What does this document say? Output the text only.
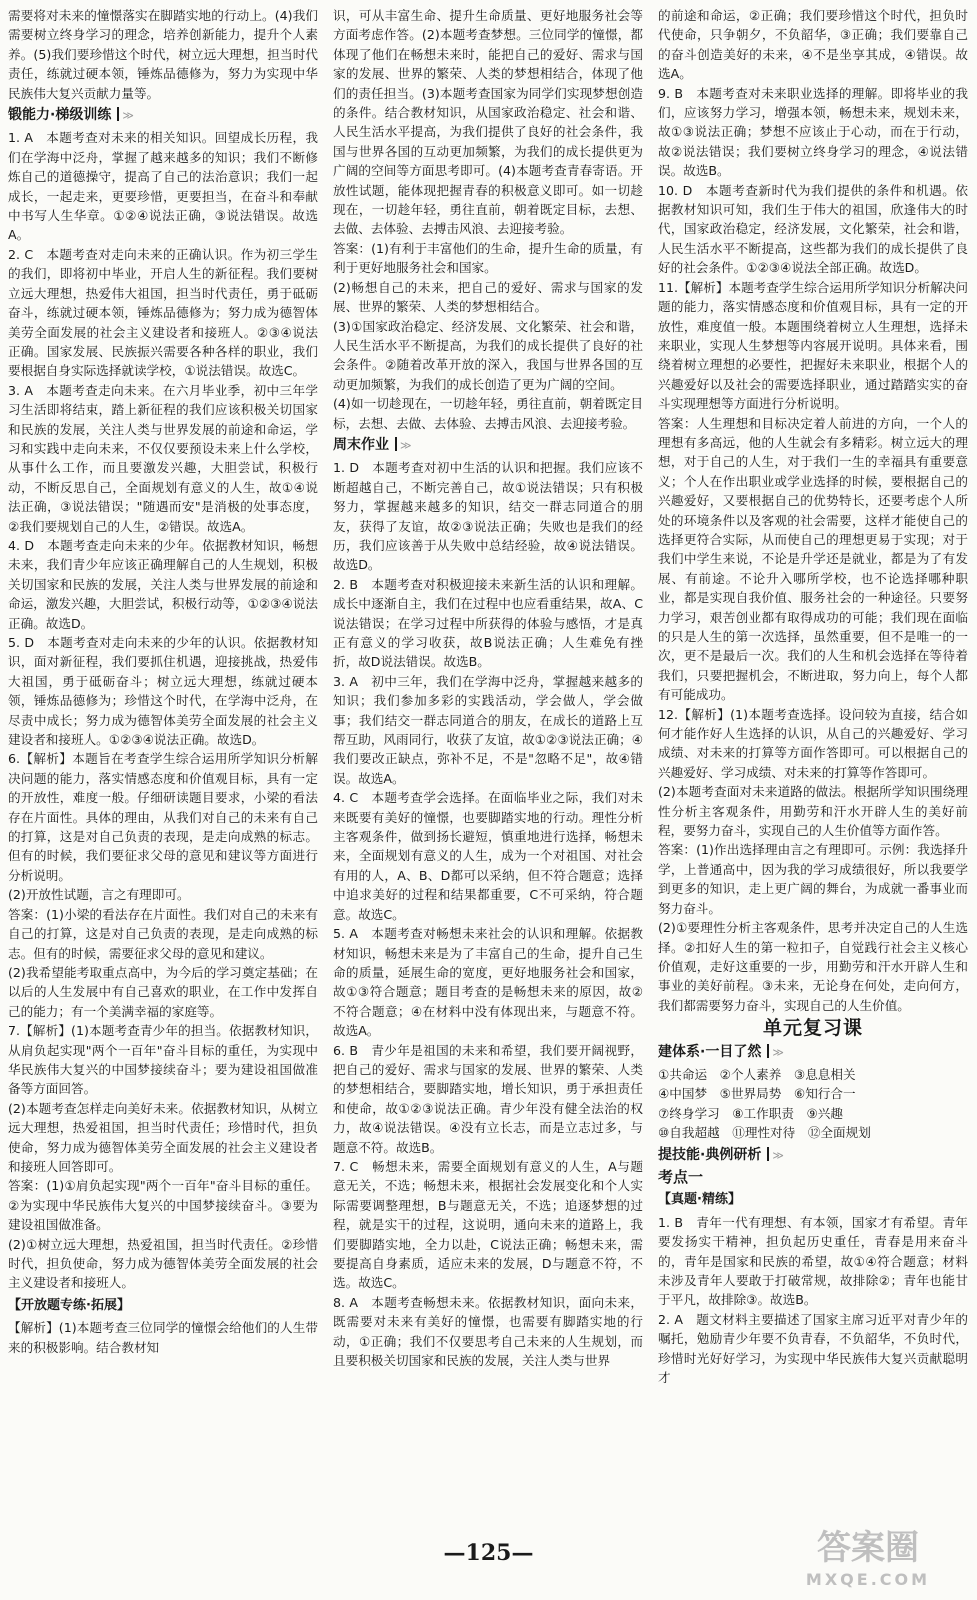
需要将对未来的憧憬落实在脚踏实地的行动上。(4)我们需要树立终身学习的理念，培养创新能力，提升个人素养。(5)我们要珍惜这个时代，树立远大理想，担当时代责任，练就过硬本领，锤炼品德修为，努力为实现中华民族伟大复兴贡献力量等。

锻能力·梯级训练 ≫

1. A　本题考查对未来的相关知识。回望成长历程，我们在学海中泛舟，掌握了越来越多的知识；我们不断修炼自己的道德操守，提高了自己的法治意识；我们一起成长，一起走来，更要珍惜，更要担当，在奋斗和奉献中书写人生华章。①②④说法正确，③说法错误。故选A。

2. C　本题考查对走向未来的正确认识。作为初三学生的我们，即将初中毕业，开启人生的新征程。我们要树立远大理想，热爱伟大祖国，担当时代责任，勇于砥砺奋斗，练就过硬本领，锤炼品德修为；努力成为德智体美劳全面发展的社会主义建设者和接班人。②③④说法正确。国家发展、民族振兴需要各种各样的职业，我们要根据自身实际选择就读学校，①说法错误。故选C。

3. A　本题考查走向未来。在六月毕业季，初中三年学习生活即将结束，踏上新征程的我们应该积极关切国家和民族的发展，关注人类与世界发展的前途和命运，学习和实践中走向未来，不仅仅要预设未来上什么学校，从事什么工作，而且要激发兴趣，大胆尝试，积极行动，不断反思自己，全面规划有意义的人生，故①④说法正确，③说法错误；"随遇而安"是消极的处事态度，②我们要规划自己的人生，②错误。故选A。

4. D　本题考查走向未来的少年。依据教材知识，畅想未来，我们青少年应该正确理解自己的人生规划，积极关切国家和民族的发展，关注人类与世界发展的前途和命运，激发兴趣，大胆尝试，积极行动等，①②③④说法正确。故选D。

5. D　本题考查对走向未来的少年的认识。依据教材知识，面对新征程，我们要抓住机遇，迎接挑战，热爱伟大祖国，勇于砥砺奋斗；树立远大理想，练就过硬本领，锤炼品德修为；珍惜这个时代，在学海中泛舟，在尽责中成长；努力成为德智体美劳全面发展的社会主义建设者和接班人。①②③④说法正确。故选D。

6.【解析】本题旨在考查学生综合运用所学知识分析解决问题的能力，落实情感态度和价值观目标，具有一定的开放性，难度一般。仔细研读题目要求，小梁的看法存在片面性。具体的理由，从我们对自己的未来有自己的打算，这是对自己负责的表现，是走向成熟的标志。但有的时候，我们要征求父母的意见和建议等方面进行分析说明。
(2)开放性试题，言之有理即可。
答案：(1)小梁的看法存在片面性。我们对自己的未来有自己的打算，这是对自己负责的表现，是走向成熟的标志。但有的时候，需要征求父母的意见和建议。
(2)我希望能考取重点高中，为今后的学习奠定基础；在以后的人生发展中有自己喜欢的职业，在工作中发挥自己的能力；有一个美满幸福的家庭等。

7.【解析】(1)本题考查青少年的担当。依据教材知识，从肩负起实现"两个一百年"奋斗目标的重任，为实现中华民族伟大复兴的中国梦接续奋斗；要为建设祖国做准备等方面回答。
(2)本题考查怎样走向美好未来。依据教材知识，从树立远大理想，热爱祖国，担当时代责任；珍惜时代，担负使命，努力成为德智体美劳全面发展的社会主义建设者和接班人回答即可。
答案：(1)①肩负起实现"两个一百年"奋斗目标的重任。②为实现中华民族伟大复兴的中国梦接续奋斗。③要为建设祖国做准备。
(2)①树立远大理想，热爱祖国，担当时代责任。②珍惜时代，担负使命，努力成为德智体美劳全面发展的社会主义建设者和接班人。

【开放题专练·拓展】

【解析】(1)本题考查三位同学的憧憬会给他们的人生带来的积极影响。结合教材知

识，可从丰富生命、提升生命质量、更好地服务社会等方面考虑作答。(2)本题考查梦想。三位同学的憧憬，都体现了他们在畅想未来时，能把自己的爱好、需求与国家的发展、世界的繁荣、人类的梦想相结合，体现了他们的责任担当。(3)本题考查国家为同学们实现梦想创造的条件。结合教材知识，从国家政治稳定、社会和谐、人民生活水平提高，为我们提供了良好的社会条件，我国与世界各国的互动更加频繁，为我们的成长提供更为广阔的空间等方面思考即可。(4)本题考查青春寄语。开放性试题，能体现把握青春的积极意义即可。如一切趁现在，一切趁年轻，勇往直前，朝着既定目标，去想、去做、去体验、去搏击风浪、去迎接考验。
答案：(1)有利于丰富他们的生命，提升生命的质量，有利于更好地服务社会和国家。
(2)畅想自己的未来，把自己的爱好、需求与国家的发展、世界的繁荣、人类的梦想相结合。
(3)①国家政治稳定、经济发展、文化繁荣、社会和谐，人民生活水平不断提高，为我们的成长提供了良好的社会条件。②随着改革开放的深入，我国与世界各国的互动更加频繁，为我们的成长创造了更为广阔的空间。
(4)如一切趁现在，一切趁年轻，勇往直前，朝着既定目标，去想、去做、去体验、去搏击风浪、去迎接考验。

周末作业 ≫

1. D　本题考查对初中生活的认识和把握。我们应该不断超越自己，不断完善自己，故①说法错误；只有积极努力，掌握越来越多的知识，结交一群志同道合的朋友，获得了友谊，故②③说法正确；失败也是我们的经历，我们应该善于从失败中总结经验，故④说法错误。故选D。

2. B　本题考查对积极迎接未来新生活的认识和理解。成长中逐渐自主，我们在过程中也应看重结果，故A、C说法错误；在学习过程中所获得的体验与感悟，才是真正有意义的学习收获，故B说法正确；人生难免有挫折，故D说法错误。故选B。

3. A　初中三年，我们在学海中泛舟，掌握越来越多的知识；我们参加多彩的实践活动，学会做人，学会做事；我们结交一群志同道合的朋友，在成长的道路上互帮互助，风雨同行，收获了友谊，故①②③说法正确；④我们要改正缺点，弥补不足，不是"忽略不足"，故④错误。故选A。

4. C　本题考查学会选择。在面临毕业之际，我们对未来既要有美好的憧憬，也要脚踏实地的行动。理性分析主客观条件，做到扬长避短，慎重地进行选择，畅想未来，全面规划有意义的人生，成为一个对祖国、对社会有用的人，A、B、D都可以采纳，但不符合题意；选择中追求美好的过程和结果都重要，C不可采纳，符合题意。故选C。

5. A　本题考查对畅想未来社会的认识和理解。依据教材知识，畅想未来是为了丰富自己的生命，提升自己生命的质量，延展生命的宽度，更好地服务社会和国家，故①③符合题意；题目考查的是畅想未来的原因，故②不符合题意；④在材料中没有体现出来，与题意不符。故选A。

6. B　青少年是祖国的未来和希望，我们要开阔视野，把自己的爱好、需求与国家的发展、世界的繁荣、人类的梦想相结合，要脚踏实地，增长知识，勇于承担责任和使命，故①②③说法正确。青少年没有健全法治的权力，故④说法错误。④没有立长志，而是立志过多，与题意不符。故选B。

7. C　畅想未来，需要全面规划有意义的人生，A与题意无关，不选；畅想未来，根据社会发展变化和个人实际需要调整理想，B与题意无关，不选；追逐梦想的过程，就是实干的过程，这说明，通向未来的道路上，我们要脚踏实地，全力以赴，C说法正确；畅想未来，需要提高自身素质，适应未来的发展，D与题意不符，不选。故选C。

8. A　本题考查畅想未来。依据教材知识，面向未来，既需要对未来有美好的憧憬，也需要有脚踏实地的行动，①正确；我们不仅要思考自己未来的人生规划，而且要积极关切国家和民族的发展，关注人类与世界

的前途和命运，②正确；我们要珍惜这个时代，担负时代使命，只争朝夕，不负韶华，③正确；我们要靠自己的奋斗创造美好的未来，④不是坐享其成，④错误。故选A。

9. B　本题考查对未来职业选择的理解。即将毕业的我们，应该努力学习，增强本领，畅想未来，规划未来，故①③说法正确；梦想不应该止于心动，而在于行动，故②说法错误；我们要树立终身学习的理念，④说法错误。故选B。

10. D　本题考查新时代为我们提供的条件和机遇。依据教材知识可知，我们生于伟大的祖国，欣逢伟大的时代，国家政治稳定，经济发展，文化繁荣，社会和谐，人民生活水平不断提高，这些都为我们的成长提供了良好的社会条件。①②③④说法全部正确。故选D。

11.【解析】本题考查学生综合运用所学知识分析解决问题的能力，落实情感态度和价值观目标，具有一定的开放性，难度值一般。本题围绕着树立人生理想，选择未来职业，实现人生梦想等内容展开说明。具体来看，围绕着树立理想的必要性，把握好未来职业，根据个人的兴趣爱好以及社会的需要选择职业，通过踏踏实实的奋斗实现理想等方面进行分析说明。
答案：人生理想和目标决定着人前进的方向，一个人的理想有多高远，他的人生就会有多精彩。树立远大的理想，对于自己的人生，对于我们一生的幸福具有重要意义；个人在作出职业或学业选择的时候，要根据自己的兴趣爱好，又要根据自己的优势特长，还要考虑个人所处的环境条件以及客观的社会需要，这样才能使自己的选择更符合实际，从而使自己的理想更易于实现；对于我们中学生来说，不论是升学还是就业，都是为了有发展、有前途。不论升入哪所学校，也不论选择哪种职业，都是实现自我价值、服务社会的一种途径。只要努力学习，艰苦创业都有取得成功的可能；我们现在面临的只是人生的第一次选择，虽然重要，但不是唯一的一次，更不是最后一次。我们的人生和机会选择在等待着我们，只要把握机会，不断进取，努力向上，每个人都有可能成功。

12.【解析】(1)本题考查选择。设问较为直接，结合如何才能作好人生选择的认识，从自己的兴趣爱好、学习成绩、对未来的打算等方面作答即可。可以根据自己的兴趣爱好、学习成绩、对未来的打算等作答即可。
(2)本题考查面对未来道路的做法。根据所学知识围绕理性分析主客观条件，用勤劳和汗水开辟人生的美好前程，要努力奋斗，实现自己的人生价值等方面作答。
答案：(1)作出选择理由言之有理即可。示例：我选择升学，上普通高中，因为我的学习成绩很好，所以我要学到更多的知识，走上更广阔的舞台，为成就一番事业而努力奋斗。
(2)①要理性分析主客观条件，思考并决定自己的人生选择。②扣好人生的第一粒扣子，自觉践行社会主义核心价值观，走好这重要的一步，用勤劳和汗水开辟人生和事业的美好前程。③未来，无论身在何处，走向何方，我们都需要努力奋斗，实现自己的人生价值。

单元复习课
建体系·一目了然 ≫

①共命运　②个人素养　③息息相关

④中国梦　⑤世界局势　⑥知行合一

⑦终身学习　⑧工作职责　⑨兴趣

⑩自我超越　⑪理性对待　⑫全面规划

提技能·典例研析 ≫
考点一
【真题·精练】

1. B　青年一代有理想、有本领，国家才有希望。青年要发扬实干精神，担负起历史重任，青春是用来奋斗的，青年是国家和民族的希望，故①④符合题意；材料未涉及青年人要敢于打破常规，故排除②；青年也能甘于平凡，故排除③。故选B。

2. A　题文材料主要描述了国家主席习近平对青少年的嘱托，勉励青少年要不负青春，不负韶华，不负时代，珍惜时光好好学习，为实现中华民族伟大复兴贡献聪明才

—125—	答案圈
MXQE.COM
